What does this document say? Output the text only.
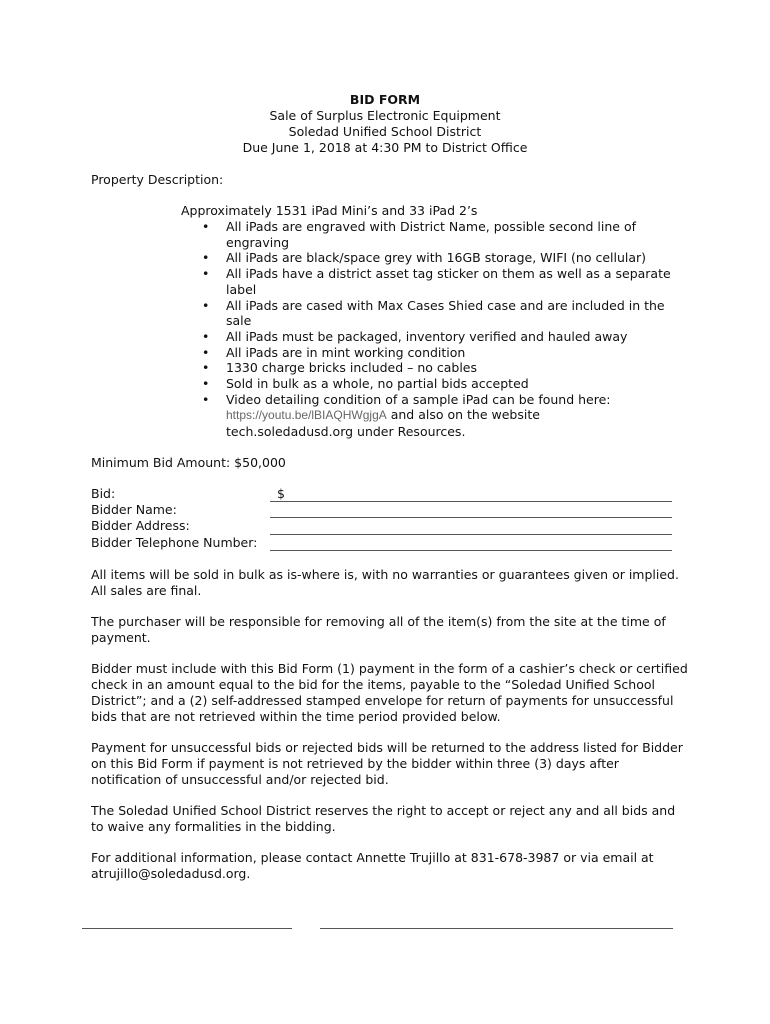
BID FORM
Sale of Surplus Electronic Equipment
Soledad Unified School District
Due June 1, 2018 at 4:30 PM to District Office
Property Description:
Approximately 1531 iPad Mini’s and 33 iPad 2’s
• All iPads are engraved with District Name, possible second line of engraving
• All iPads are black/space grey with 16GB storage, WIFI (no cellular)
• All iPads have a district asset tag sticker on them as well as a separate label
• All iPads are cased with Max Cases Shied case and are included in the sale
• All iPads must be packaged, inventory verified and hauled away
• All iPads are in mint working condition
• 1330 charge bricks included – no cables
• Sold in bulk as a whole, no partial bids accepted
• Video detailing condition of a sample iPad can be found here:
https://youtu.be/lBIAQHWgjgA and also on the website
tech.soledadusd.org under Resources.
Minimum Bid Amount: $50,000
Bid:	$
Bidder Name:
Bidder Address:
Bidder Telephone Number:
All items will be sold in bulk as is-where is, with no warranties or guarantees given or implied. All sales are final.
The purchaser will be responsible for removing all of the item(s) from the site at the time of payment.
Bidder must include with this Bid Form (1) payment in the form of a cashier’s check or certified check in an amount equal to the bid for the items, payable to the “Soledad Unified School District”; and a (2) self-addressed stamped envelope for return of payments for unsuccessful bids that are not retrieved within the time period provided below.
Payment for unsuccessful bids or rejected bids will be returned to the address listed for Bidder on this Bid Form if payment is not retrieved by the bidder within three (3) days after notification of unsuccessful and/or rejected bid.
The Soledad Unified School District reserves the right to accept or reject any and all bids and to waive any formalities in the bidding.
For additional information, please contact Annette Trujillo at 831-678-3987 or via email at atrujillo@soledadusd.org.
